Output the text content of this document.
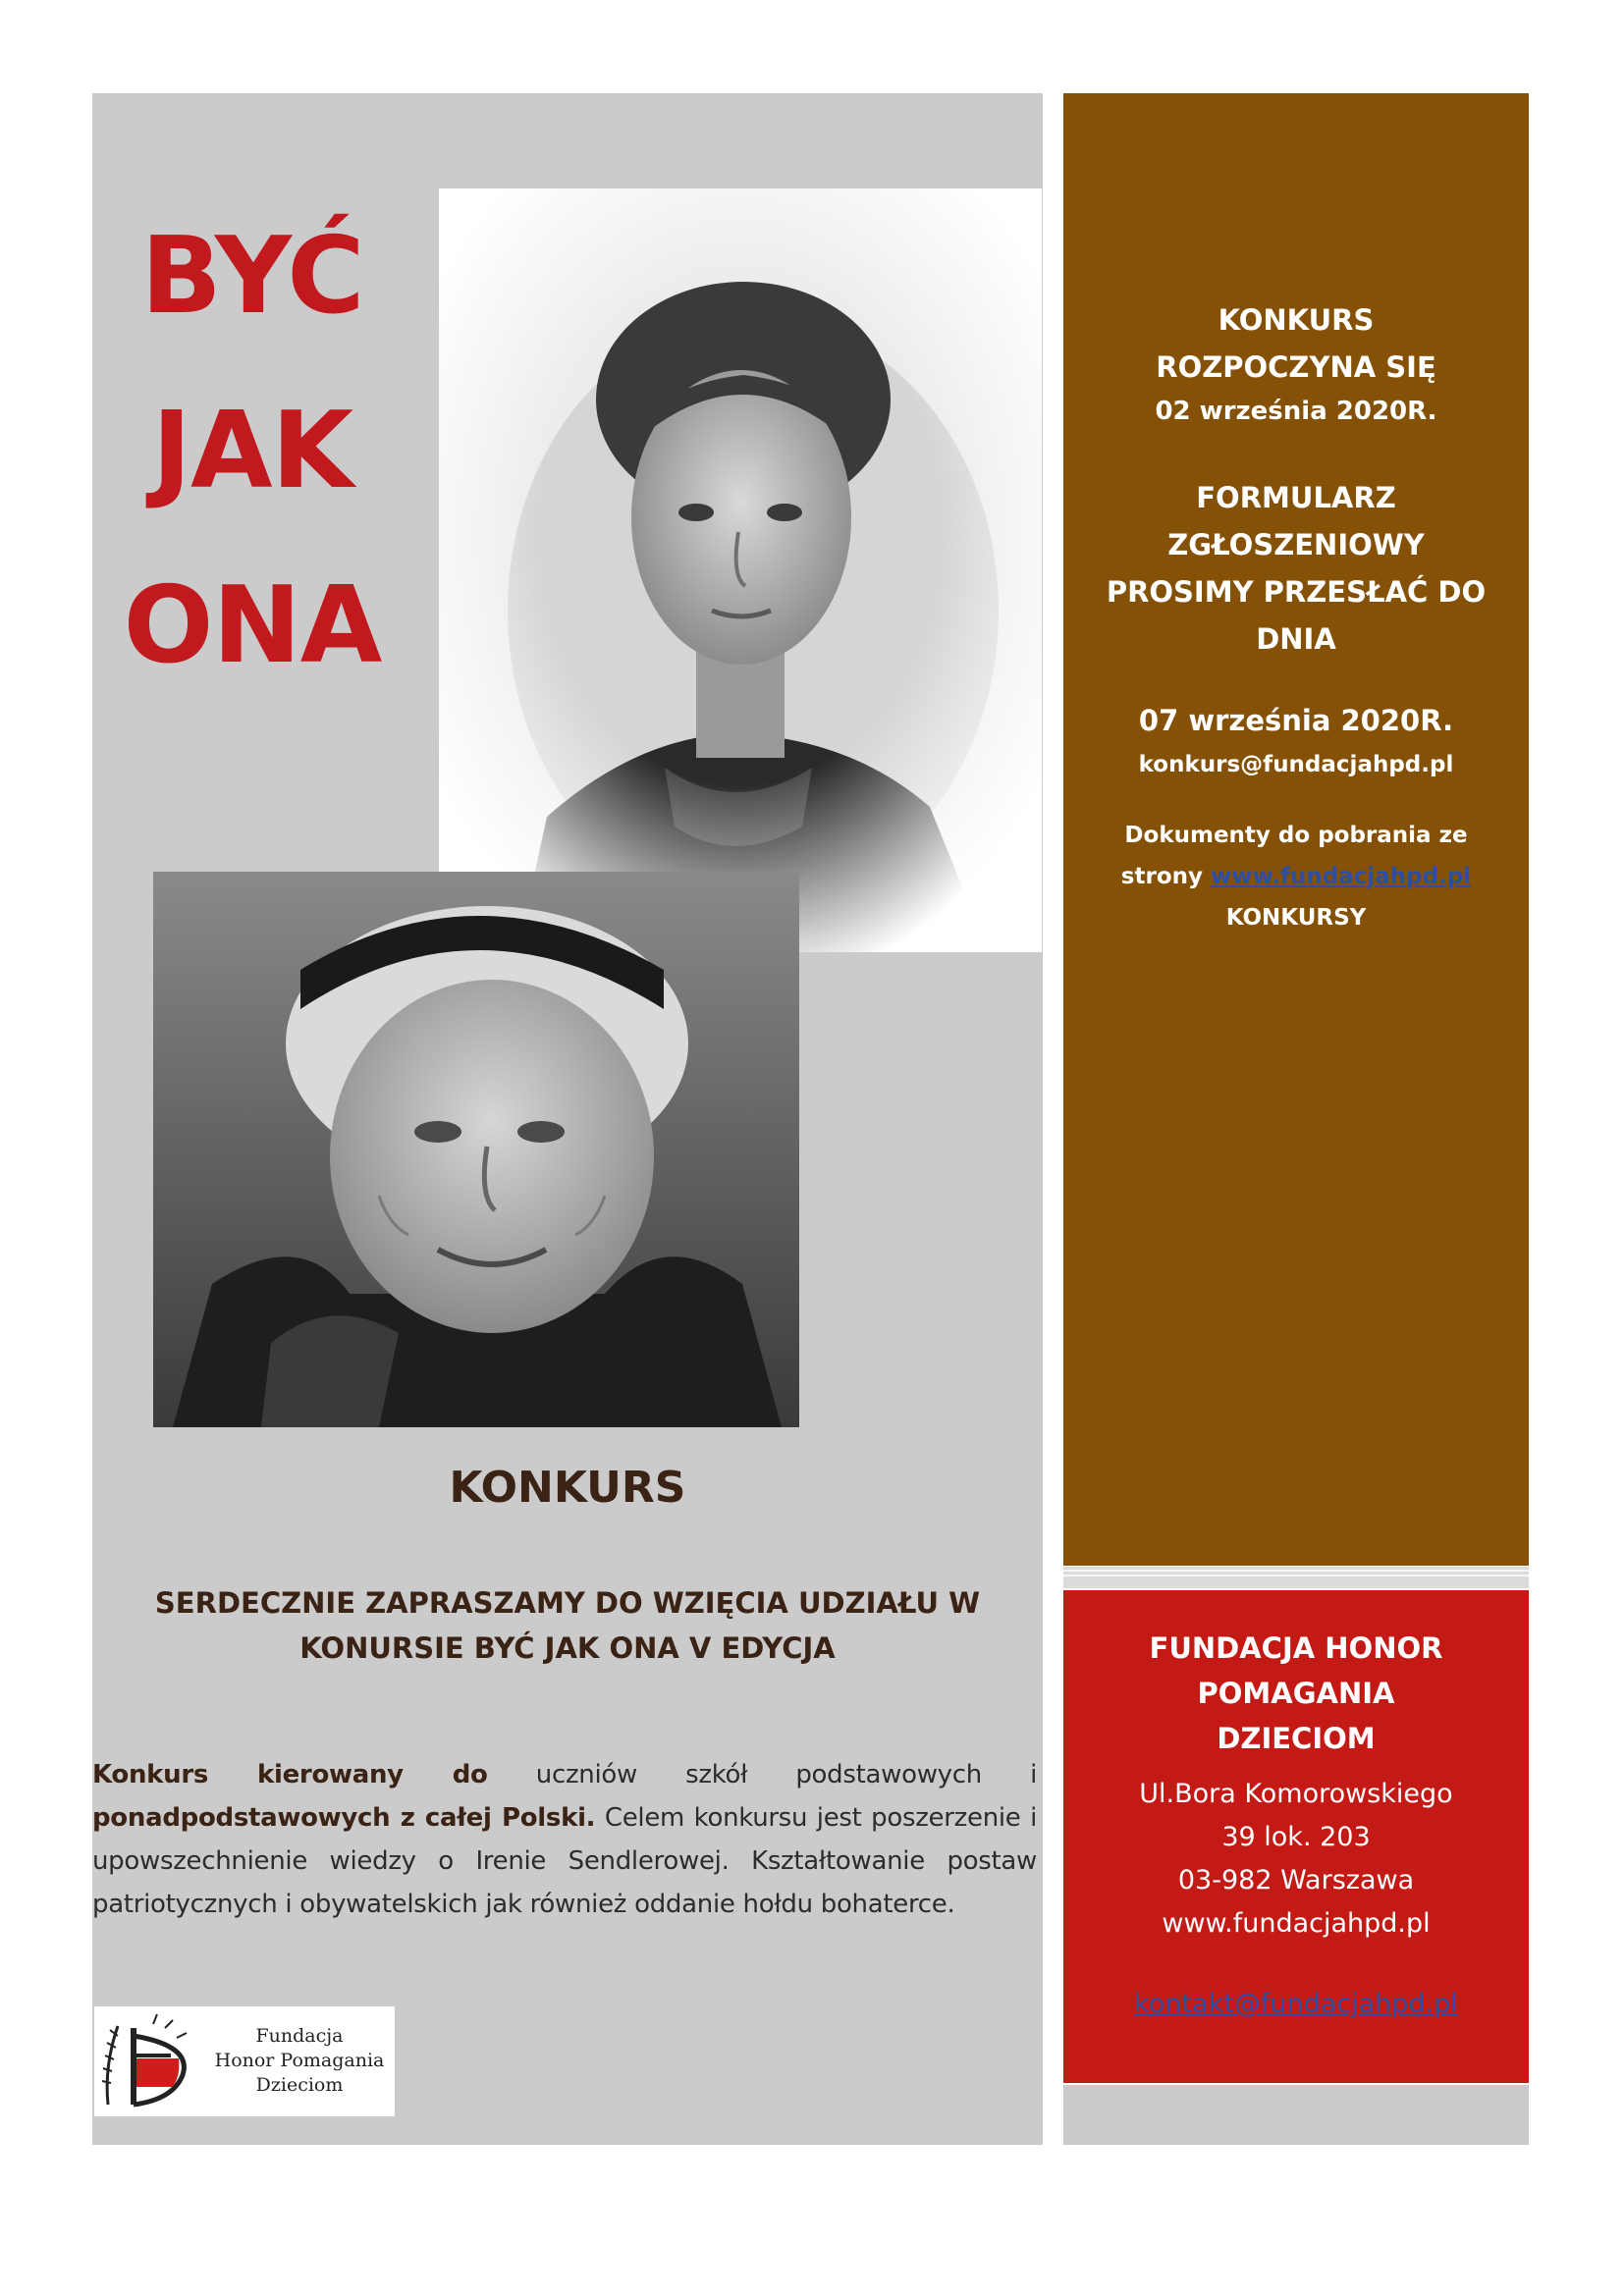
BYĆ
JAK
ONA
KONKURS
SERDECZNIE ZAPRASZAMY DO WZIĘCIA UDZIAŁU W
KONURSIE BYĆ JAK ONA V EDYCJA
Konkurs kierowany do uczniów szkół podstawowych i ponadpodstawowych z całej Polski. Celem konkursu jest poszerzenie i upowszechnienie wiedzy o Irenie Sendlerowej. Kształtowanie postaw patriotycznych i obywatelskich jak również oddanie hołdu bohaterce.
Fundacja
Honor Pomagania
Dzieciom
KONKURS
ROZPOCZYNA SIĘ
02 września 2020R.
FORMULARZ
ZGŁOSZENIOWY
PROSIMY PRZESŁAĆ DO
DNIA
07 września 2020R.
konkurs@fundacjahpd.pl
Dokumenty do pobrania ze
strony www.fundacjahpd.pl
KONKURSY
FUNDACJA HONOR
POMAGANIA
DZIECIOM
Ul.Bora Komorowskiego
39 lok. 203
03-982 Warszawa
www.fundacjahpd.pl
kontakt@fundacjahpd.pl
